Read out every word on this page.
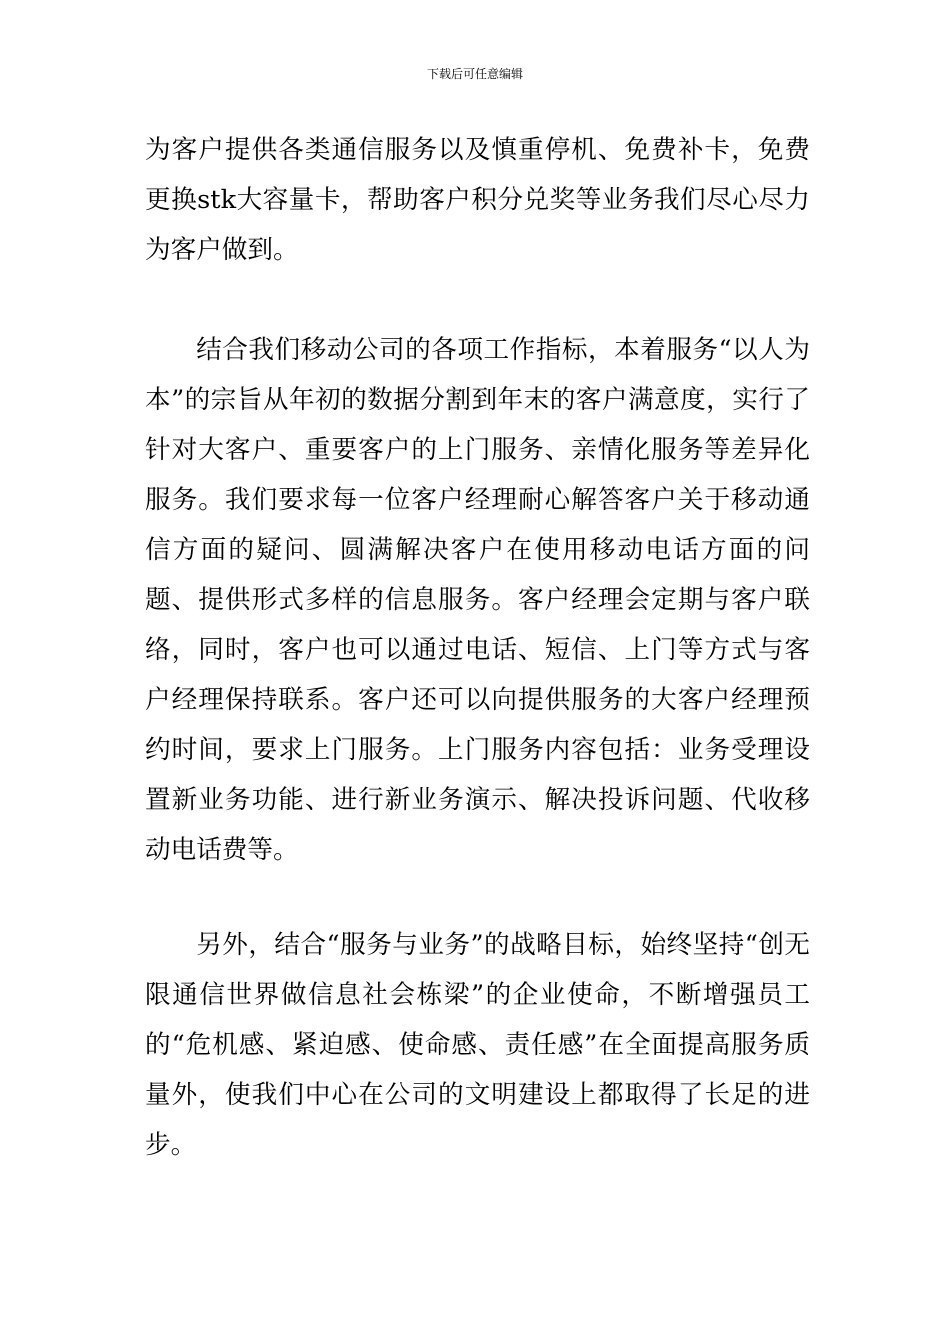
下载后可任意编辑

为客户提供各类通信服务以及慎重停机、免费补卡，免费更换stk大容量卡，帮助客户积分兑奖等业务我们尽心尽力为客户做到。

结合我们移动公司的各项工作指标，本着服务“以人为本”的宗旨从年初的数据分割到年末的客户满意度，实行了针对大客户、重要客户的上门服务、亲情化服务等差异化服务。我们要求每一位客户经理耐心解答客户关于移动通信方面的疑问、圆满解决客户在使用移动电话方面的问题、提供形式多样的信息服务。客户经理会定期与客户联络，同时，客户也可以通过电话、短信、上门等方式与客户经理保持联系。客户还可以向提供服务的大客户经理预约时间，要求上门服务。上门服务内容包括：业务受理设置新业务功能、进行新业务演示、解决投诉问题、代收移动电话费等。

另外，结合“服务与业务”的战略目标，始终坚持“创无限通信世界做信息社会栋梁”的企业使命，不断增强员工的“危机感、紧迫感、使命感、责任感”在全面提高服务质量外，使我们中心在公司的文明建设上都取得了长足的进步。
